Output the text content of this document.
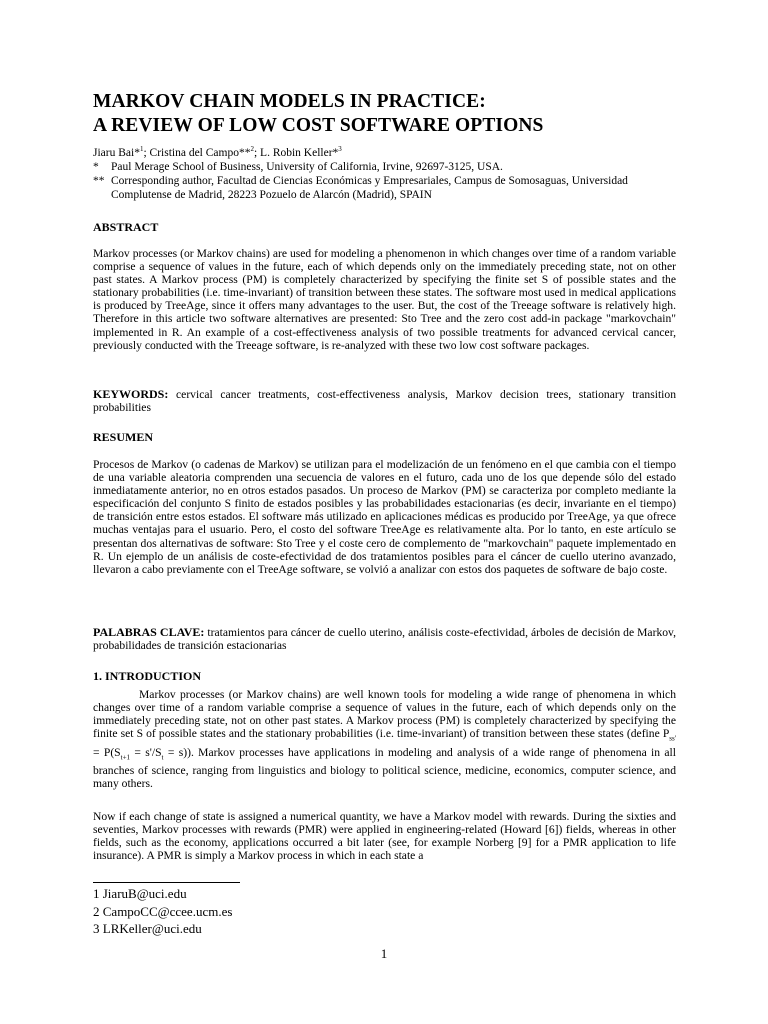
MARKOV CHAIN MODELS IN PRACTICE:

A REVIEW OF LOW COST SOFTWARE OPTIONS

Jiaru Bai*$^1$; Cristina del Campo**$^2$; L. Robin Keller*$^3$
*	Paul Merage School of Business, University of California, Irvine, 92697-3125, USA.
** Corresponding author, Facultad de Ciencias Económicas y Empresariales, Campus de Somosaguas, Universidad Complutense de Madrid, 28223 Pozuelo de Alarcón (Madrid), SPAIN

ABSTRACT

Markov processes (or Markov chains) are used for modeling a phenomenon in which changes over time of a random variable comprise a sequence of values in the future, each of which depends only on the immediately preceding state, not on other past states. A Markov process (PM) is completely characterized by specifying the finite set S of possible states and the stationary probabilities (i.e. time-invariant) of transition between these states. The software most used in medical applications is produced by TreeAge, since it offers many advantages to the user. But, the cost of the Treeage software is relatively high. Therefore in this article two software alternatives are presented: Sto Tree and the zero cost add-in package "markovchain" implemented in R. An example of a cost-effectiveness analysis of two possible treatments for advanced cervical cancer, previously conducted with the Treeage software, is re-analyzed with these two low cost software packages.

KEYWORDS: cervical cancer treatments, cost-effectiveness analysis, Markov decision trees, stationary transition probabilities

RESUMEN

Procesos de Markov (o cadenas de Markov) se utilizan para el modelización de un fenómeno en el que cambia con el tiempo de una variable aleatoria comprenden una secuencia de valores en el futuro, cada uno de los que depende sólo del estado inmediatamente anterior, no en otros estados pasados. Un proceso de Markov (PM) se caracteriza por completo mediante la especificación del conjunto S finito de estados posibles y las probabilidades estacionarias (es decir, invariante en el tiempo) de transición entre estos estados. El software más utilizado en aplicaciones médicas es producido por TreeAge, ya que ofrece muchas ventajas para el usuario. Pero, el costo del software TreeAge es relativamente alta. Por lo tanto, en este artículo se presentan dos alternativas de software: Sto Tree y el coste cero de complemento de "markovchain" paquete implementado en R. Un ejemplo de un análisis de coste-efectividad de dos tratamientos posibles para el cáncer de cuello uterino avanzado, llevaron a cabo previamente con el TreeAge software, se volvió a analizar con estos dos paquetes de software de bajo coste.

PALABRAS CLAVE: tratamientos para cáncer de cuello uterino, análisis coste-efectividad, árboles de decisión de Markov, probabilidades de transición estacionarias

1. INTRODUCTION

Markov processes (or Markov chains) are well known tools for modeling a wide range of phenomena in which changes over time of a random variable comprise a sequence of values in the future, each of which depends only on the immediately preceding state, not on other past states. A Markov process (PM) is completely characterized by specifying the finite set S of possible states and the stationary probabilities (i.e. time-invariant) of transition between these states (define $P_{ss'} = P(S_{t+1} = s'/S_t = s)$). Markov processes have applications in modeling and analysis of a wide range of phenomena in all branches of science, ranging from linguistics and biology to political science, medicine, economics, computer science, and many others.

Now if each change of state is assigned a numerical quantity, we have a Markov model with rewards. During the sixties and seventies, Markov processes with rewards (PMR) were applied in engineering-related (Howard [6]) fields, whereas in other fields, such as the economy, applications occurred a bit later (see, for example Norberg [9] for a PMR application to life insurance). A PMR is simply a Markov process in which in each state a

1 JiaruB@uci.edu
2 CampoCC@ccee.ucm.es
3 LRKeller@uci.edu
1
